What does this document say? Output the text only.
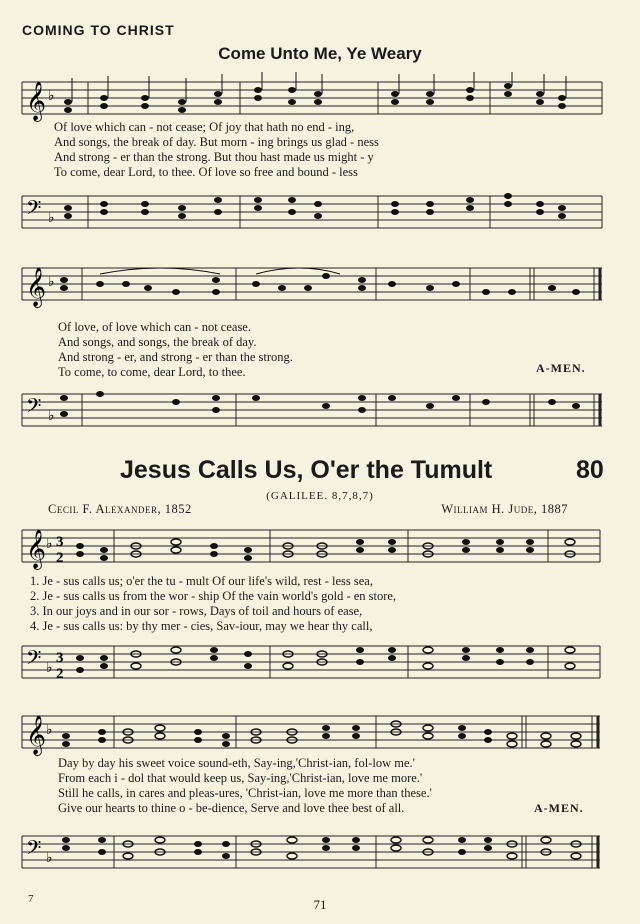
COMING TO CHRIST
Come Unto Me, Ye Weary
𝄞 ♭
Of love which can - not cease; Of joy that hath no end - ing,
And songs, the break of day. But morn - ing brings us glad - ness
And strong - er than the strong. But thou hast made us might - y
To come, dear Lord, to thee. Of love so free and bound - less
𝄢 ♭
𝄞 ♭
Of love, of love which can - not cease.
And songs, and songs, the break of day.
And strong - er, and strong - er than the strong.
To come, to come, dear Lord, to thee.	A-MEN.
𝄢 ♭
Jesus Calls Us, O'er the Tumult	80
(GALILEE. 8,7,8,7)
Cecil F. Alexander, 1852	William H. Jude, 1887
𝄞 ♭ 3
2
1. Je - sus calls us; o'er the tu - mult Of our life's wild, rest - less sea,
2. Je - sus calls us from the wor - ship Of the vain world's gold - en store,
3. In our joys and in our sor - rows, Days of toil and hours of ease,
4. Je - sus calls us: by thy mer - cies, Sav-iour, may we hear thy call,
𝄢 ♭
3
2
𝄞 ♭
Day by day his sweet voice sound-eth, Say-ing,'Christ-ian, fol-low me.'
From each i - dol that would keep us, Say-ing,'Christ-ian, love me more.'
Still he calls, in cares and pleas-ures, 'Christ-ian, love me more than these.'
Give our hearts to thine o - be-dience, Serve and love thee best of all.	A-MEN.
𝄢 ♭
7	71
